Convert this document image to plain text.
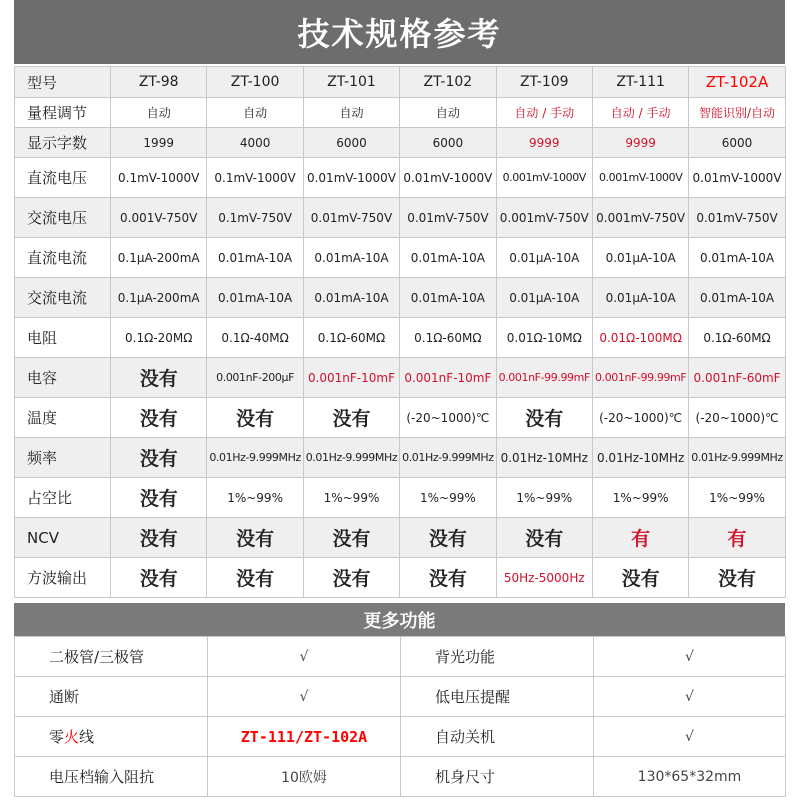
技术规格参考
型号	ZT-98	ZT-100	ZT-101	ZT-102	ZT-109	ZT-111	ZT-102A
量程调节	自动	自动	自动	自动	自动 / 手动	自动 / 手动	智能识别/自动
显示字数	1999	4000	6000	6000	9999	9999	6000
直流电压	0.1mV-1000V	0.1mV-1000V	0.01mV-1000V	0.01mV-1000V	0.001mV-1000V	0.001mV-1000V	0.01mV-1000V
交流电压	0.001V-750V	0.1mV-750V	0.01mV-750V	0.01mV-750V	0.001mV-750V	0.001mV-750V	0.01mV-750V
直流电流	0.1μA-200mA	0.01mA-10A	0.01mA-10A	0.01mA-10A	0.01μA-10A	0.01μA-10A	0.01mA-10A
交流电流	0.1μA-200mA	0.01mA-10A	0.01mA-10A	0.01mA-10A	0.01μA-10A	0.01μA-10A	0.01mA-10A
电阻	0.1Ω-20MΩ	0.1Ω-40MΩ	0.1Ω-60MΩ	0.1Ω-60MΩ	0.01Ω-10MΩ	0.01Ω-100MΩ	0.1Ω-60MΩ
电容	没有	0.001nF-200μF	0.001nF-10mF	0.001nF-10mF	0.001nF-99.99mF	0.001nF-99.99mF	0.001nF-60mF
温度	没有	没有	没有	(-20~1000)℃	没有	(-20~1000)℃	(-20~1000)℃
频率	没有	0.01Hz-9.999MHz	0.01Hz-9.999MHz	0.01Hz-9.999MHz	0.01Hz-10MHz	0.01Hz-10MHz	0.01Hz-9.999MHz
占空比	没有	1%~99%	1%~99%	1%~99%	1%~99%	1%~99%	1%~99%
NCV	没有	没有	没有	没有	没有	有	有
方波输出	没有	没有	没有	没有	50Hz-5000Hz	没有	没有
更多功能
二极管/三极管	√	背光功能	√
通断	√	低电压提醒	√
零火线	ZT-111/ZT-102A	自动关机	√
电压档输入阻抗	10欧姆	机身尺寸	130*65*32mm
